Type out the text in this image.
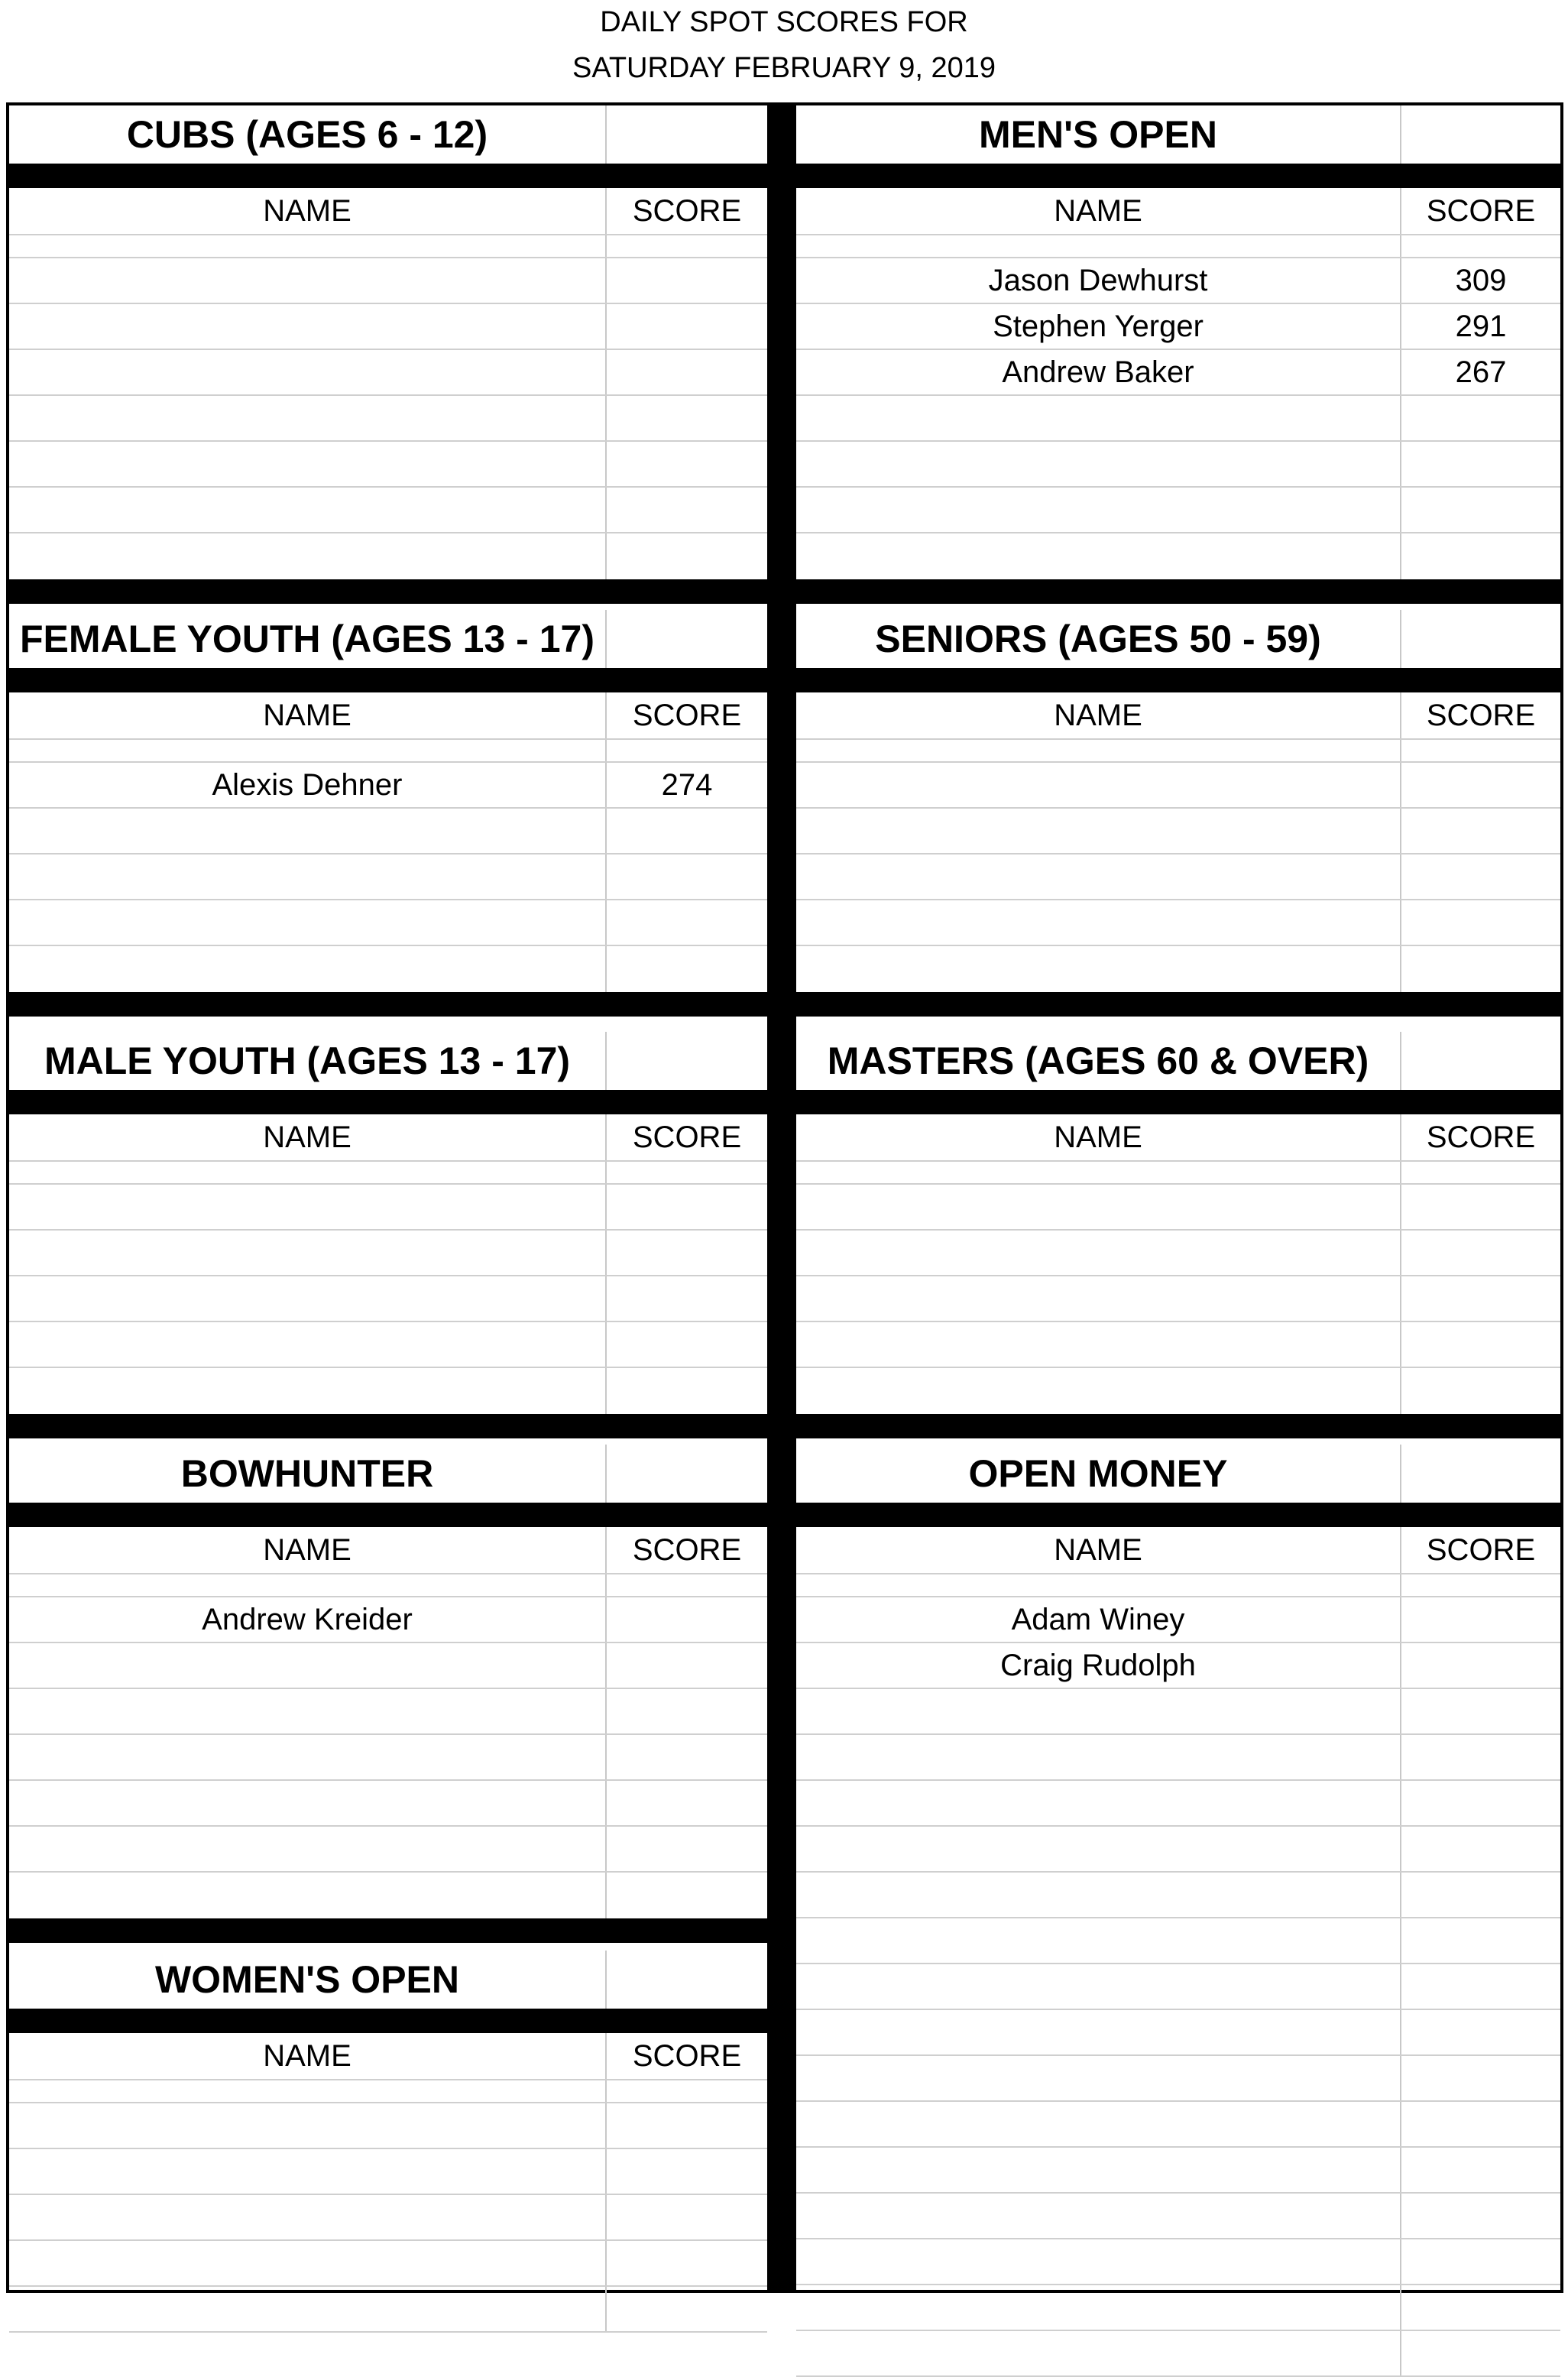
DAILY SPOT SCORES FOR
SATURDAY FEBRUARY 9, 2019
CUBS (AGES 6 - 12)
NAME	SCORE
FEMALE YOUTH (AGES 13 - 17)
NAME	SCORE
Alexis Dehner	274
MALE YOUTH (AGES 13 - 17)
NAME	SCORE
BOWHUNTER
NAME	SCORE
Andrew Kreider
WOMEN'S OPEN
NAME	SCORE
MEN'S OPEN
NAME	SCORE
Jason Dewhurst	309
Stephen Yerger	291
Andrew Baker	267
SENIORS (AGES 50 - 59)
NAME	SCORE
MASTERS (AGES 60 & OVER)
NAME	SCORE
OPEN MONEY
NAME	SCORE
Adam Winey
Craig Rudolph
